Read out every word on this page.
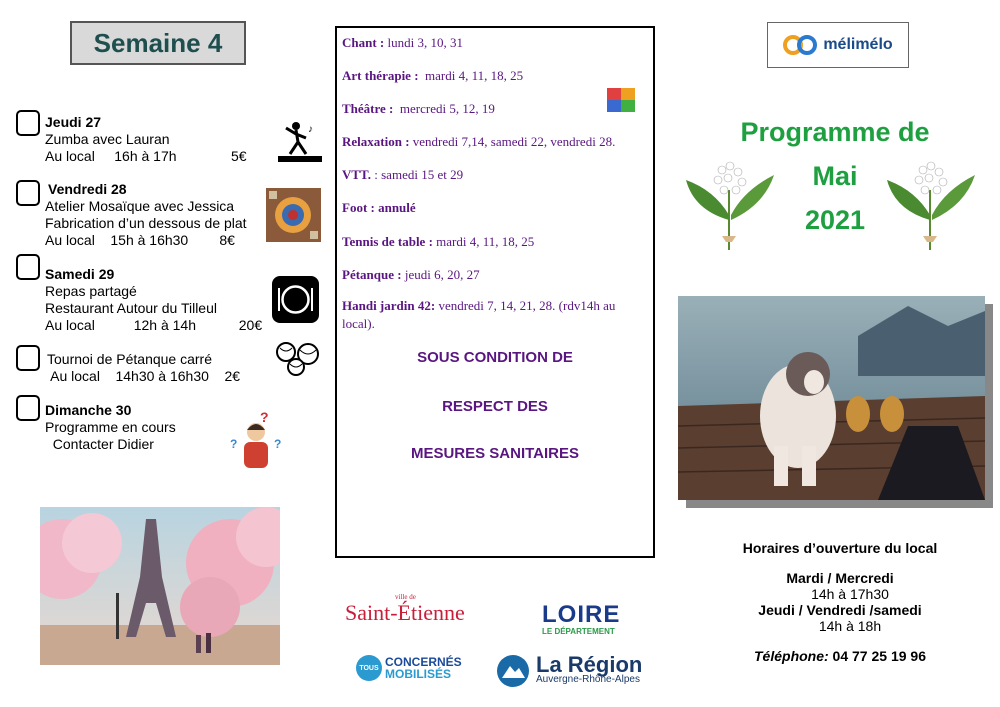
Semaine 4
Jeudi 27
Zumba avec Lauran
Au local     16h à 17h              5€
♪
Vendredi 28
Atelier Mosaïque avec Jessica
Fabrication d’un dessous de plat
Au local    15h à 16h30        8€
Samedi 29
Repas partagé
Restaurant Autour du Tilleul
Au local          12h à 14h           20€
Tournoi de Pétanque carré
Au local    14h30 à 16h30    2€
Dimanche 30
Programme en cours
Contacter Didier
?
?	?
Chant : lundi 3, 10, 31
Art thérapie :  mardi 4, 11, 18, 25
Théâtre :  mercredi 5, 12, 19
Relaxation : vendredi 7,14, samedi 22, vendredi 28.
VTT. : samedi 15 et 29
Foot : annulé
Tennis de table : mardi 4, 11, 18, 25
Pétanque : jeudi 6, 20, 27
Handi jardin 42: vendredi 7, 14, 21, 28. (rdv14h au
local).
SOUS CONDITION DE
RESPECT DES
MESURES SANITAIRES
mélimélo
Programme de
Mai
2021
Horaires d’ouverture du local
Mardi / Mercredi
14h à 17h30
Jeudi / Vendredi /samedi
14h à 18h
Téléphone: 04 77 25 19 96
Saint-Étienne
ville de
LOIRE
LE DÉPARTEMENT
TOUS CONCERNÉS
MOBILISÉS	La Région
Auvergne-Rhône-Alpes
